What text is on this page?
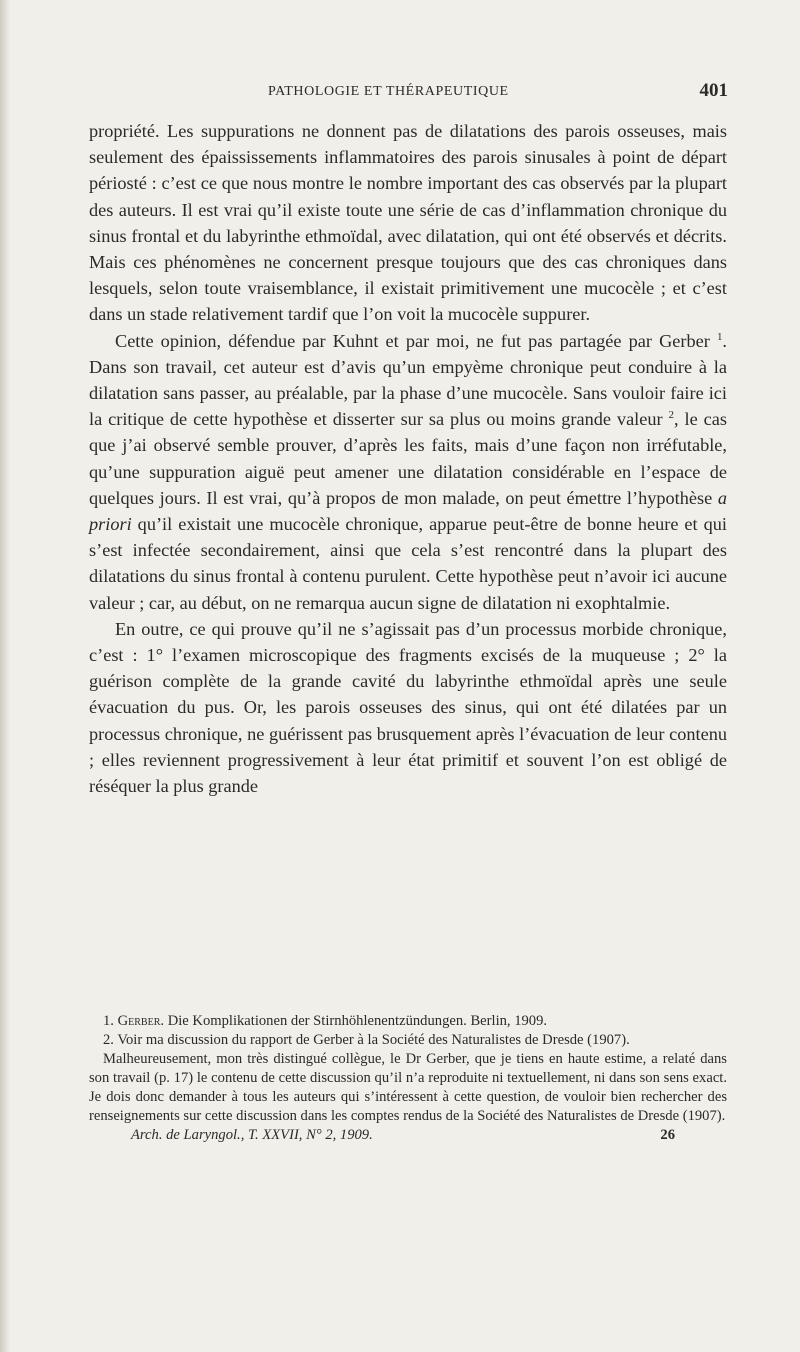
PATHOLOGIE ET THÉRAPEUTIQUE	401

propriété. Les suppurations ne donnent pas de dilatations des parois osseuses, mais seulement des épaississements inflammatoires des parois sinusales à point de départ périosté : c’est ce que nous montre le nombre important des cas observés par la plupart des auteurs. Il est vrai qu’il existe toute une série de cas d’inflammation chronique du sinus frontal et du labyrinthe ethmoïdal, avec dilatation, qui ont été observés et décrits. Mais ces phénomènes ne concernent presque toujours que des cas chroniques dans lesquels, selon toute vraisemblance, il existait primitivement une mucocèle ; et c’est dans un stade relativement tardif que l’on voit la mucocèle suppurer.

Cette opinion, défendue par Kuhnt et par moi, ne fut pas partagée par Gerber $^1$. Dans son travail, cet auteur est d’avis qu’un empyème chronique peut conduire à la dilatation sans passer, au préalable, par la phase d’une mucocèle. Sans vouloir faire ici la critique de cette hypothèse et disserter sur sa plus ou moins grande valeur $^2$, le cas que j’ai observé semble prouver, d’après les faits, mais d’une façon non irréfutable, qu’une suppuration aiguë peut amener une dilatation considérable en l’espace de quelques jours. Il est vrai, qu’à propos de mon malade, on peut émettre l’hypothèse a priori qu’il existait une mucocèle chronique, apparue peut-être de bonne heure et qui s’est infectée secondairement, ainsi que cela s’est rencontré dans la plupart des dilatations du sinus frontal à contenu purulent. Cette hypothèse peut n’avoir ici aucune valeur ; car, au début, on ne remarqua aucun signe de dilatation ni exophtalmie.

En outre, ce qui prouve qu’il ne s’agissait pas d’un processus morbide chronique, c’est : 1° l’examen microscopique des fragments excisés de la muqueuse ; 2° la guérison complète de la grande cavité du labyrinthe ethmoïdal après une seule évacuation du pus. Or, les parois osseuses des sinus, qui ont été dilatées par un processus chronique, ne guérissent pas brusquement après l’évacuation de leur contenu ; elles reviennent progressivement à leur état primitif et souvent l’on est obligé de réséquer la plus grande

1. Gerber. Die Komplikationen der Stirnhöhlenentzündungen. Berlin, 1909.

2. Voir ma discussion du rapport de Gerber à la Société des Naturalistes de Dresde (1907).

Malheureusement, mon très distingué collègue, le Dr Gerber, que je tiens en haute estime, a relaté dans son travail (p. 17) le contenu de cette discussion qu’il n’a reproduite ni textuellement, ni dans son sens exact. Je dois donc demander à tous les auteurs qui s’intéressent à cette question, de vouloir bien rechercher des renseignements sur cette discussion dans les comptes rendus de la Société des Naturalistes de Dresde (1907).

Arch. de Laryngol., T. XXVII, N° 2, 1909.	26
